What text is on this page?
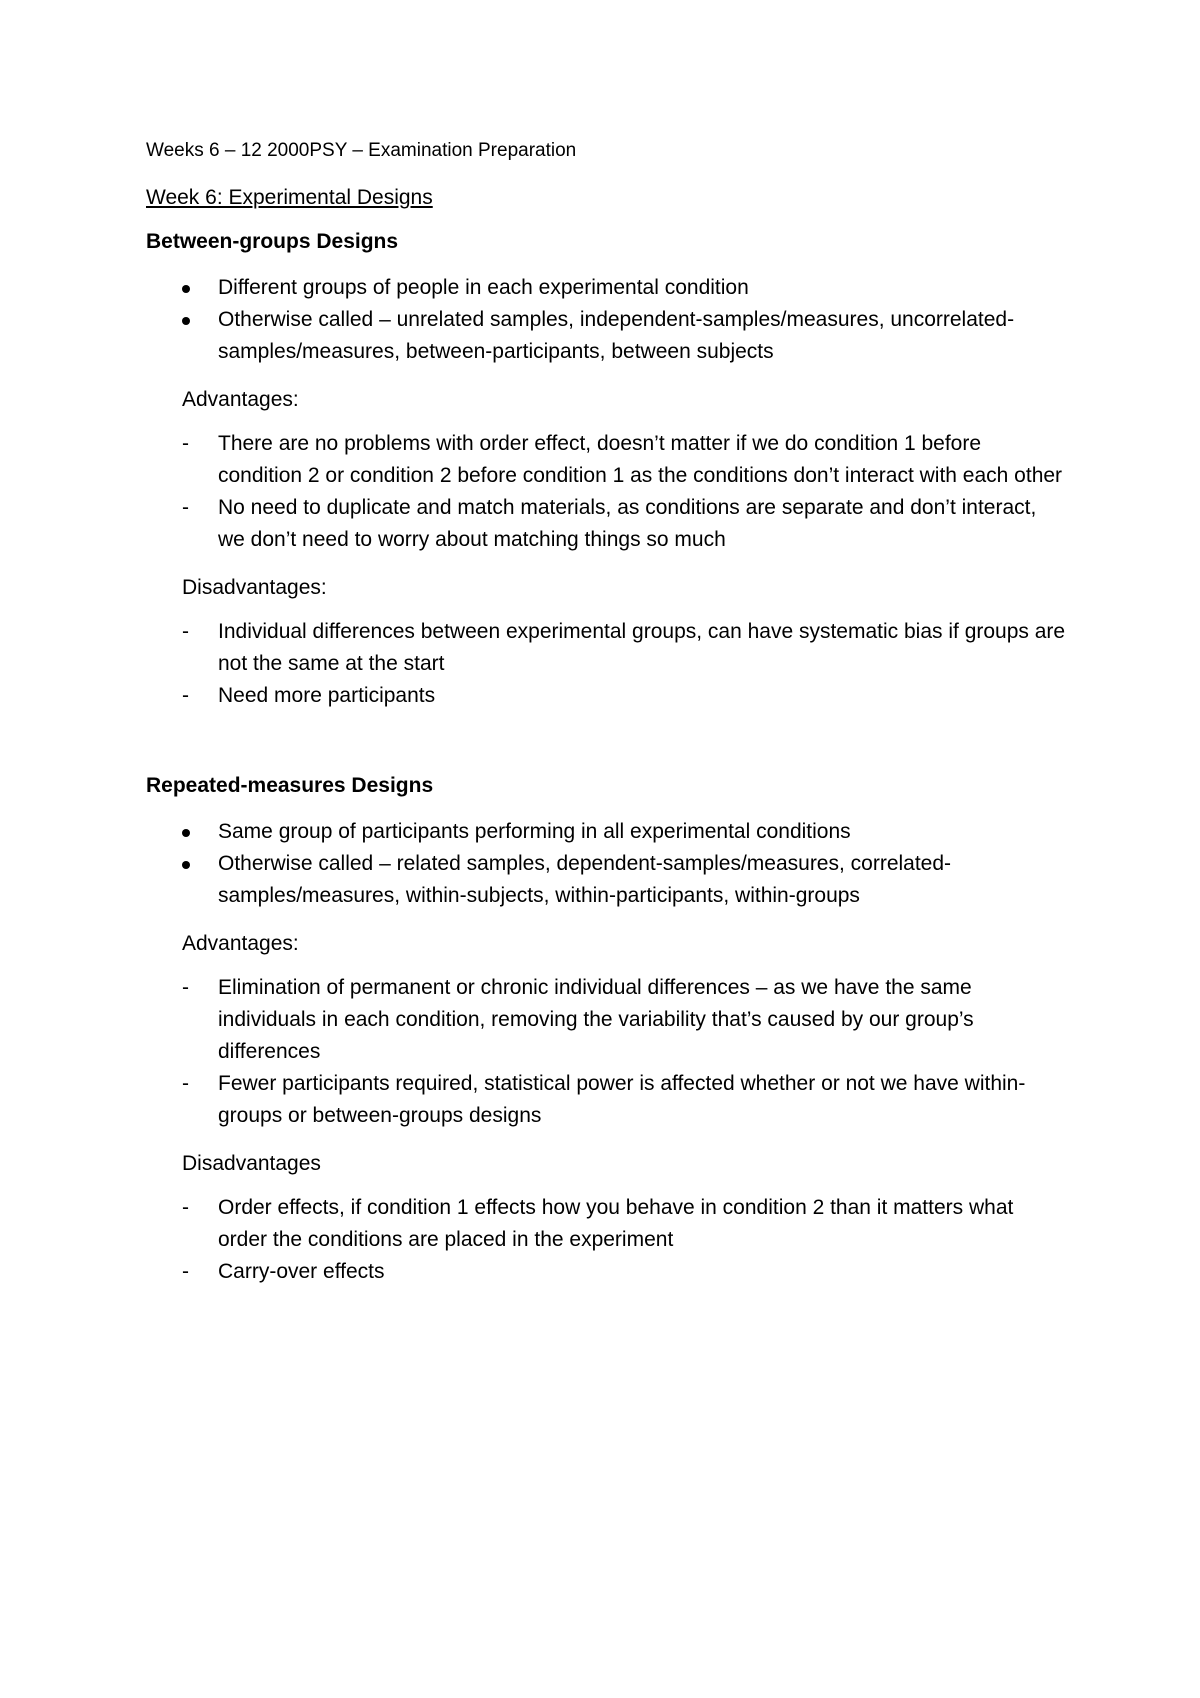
Weeks 6 – 12 2000PSY – Examination Preparation
Week 6: Experimental Designs
Between-groups Designs
Different groups of people in each experimental condition
Otherwise called – unrelated samples, independent-samples/measures, uncorrelated-samples/measures, between-participants, between subjects
Advantages:
- There are no problems with order effect, doesn’t matter if we do condition 1 before condition 2 or condition 2 before condition 1 as the conditions don’t interact with each other
- No need to duplicate and match materials, as conditions are separate and don’t interact, we don’t need to worry about matching things so much
Disadvantages:
- Individual differences between experimental groups, can have systematic bias if groups are not the same at the start
- Need more participants
Repeated-measures Designs
Same group of participants performing in all experimental conditions
Otherwise called – related samples, dependent-samples/measures, correlated-samples/measures, within-subjects, within-participants, within-groups
Advantages:
- Elimination of permanent or chronic individual differences – as we have the same individuals in each condition, removing the variability that’s caused by our group’s differences
- Fewer participants required, statistical power is affected whether or not we have within-groups or between-groups designs
Disadvantages
- Order effects, if condition 1 effects how you behave in condition 2 than it matters what order the conditions are placed in the experiment
- Carry-over effects
